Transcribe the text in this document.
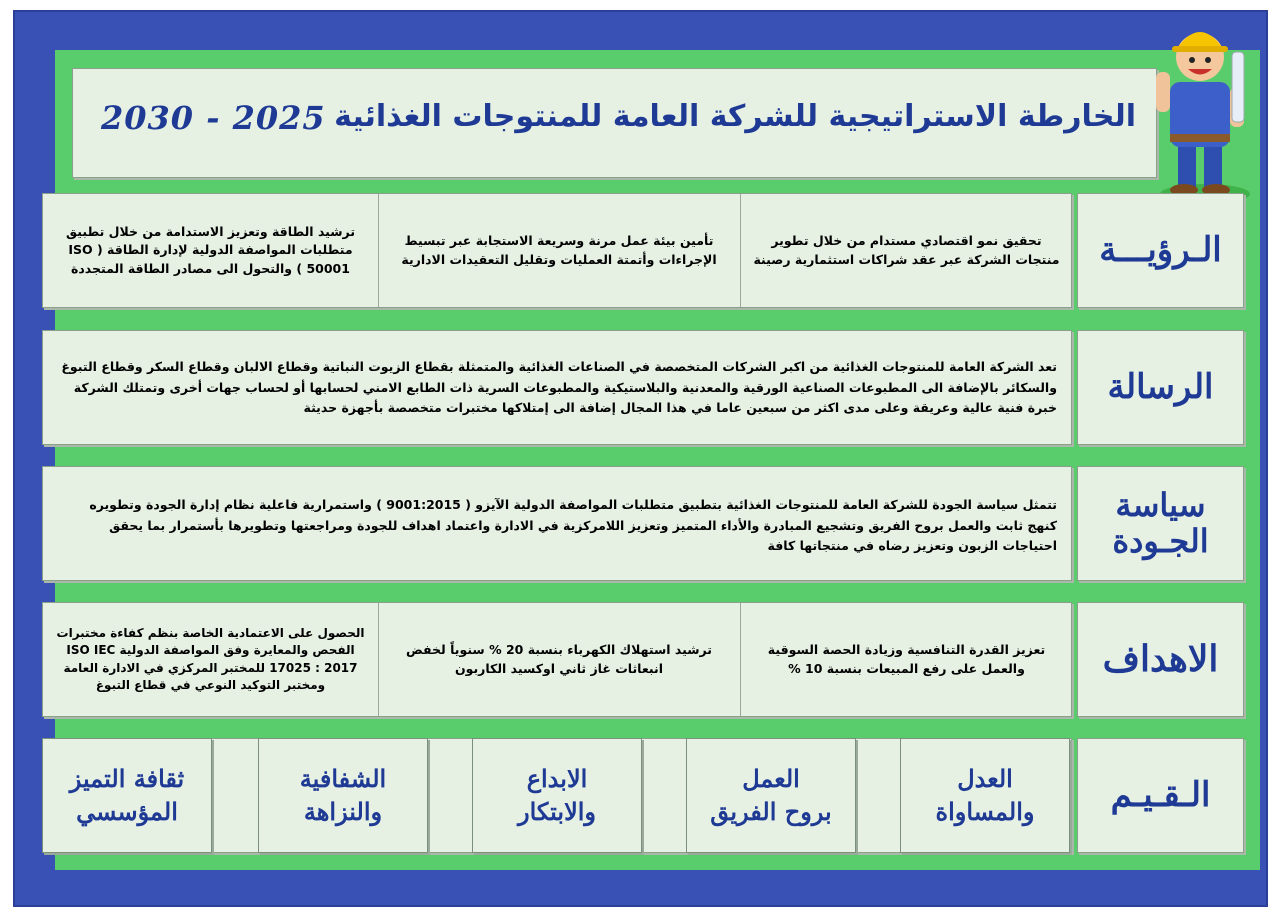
الخارطة الاستراتيجية للشركة العامة للمنتوجات الغذائية
2030 - 2025
الـرؤيـــة
تحقيق نمو اقتصادي مستدام من خلال تطوير منتجات الشركة عبر عقد شراكات استثمارية رصينة
تأمين بيئة عمل مرنة وسريعة الاستجابة عبر تبسيط الإجراءات وأتمتة العمليات وتقليل التعقيدات الادارية
ترشيد الطاقة وتعزيز الاستدامة من خلال تطبيق متطلبات المواصفة الدولية لإدارة الطاقة ( ISO 50001 ) والتحول الى مصادر الطاقة المتجددة
الرسالة
تعد الشركة العامة للمنتوجات الغذائية من اكبر الشركات المتخصصة في الصناعات الغذائية والمتمثلة بقطاع الزيوت النباتية وقطاع الالبان وقطاع السكر وقطاع التبوغ والسكائر بالإضافة الى المطبوعات الصناعية الورقية والمعدنية والبلاستيكية والمطبوعات السرية ذات الطابع الامني لحسابها أو لحساب جهات أخرى وتمتلك الشركة خبرة فنية عالية وعريقة وعلى مدى اكثر من سبعين عاما في هذا المجال إضافة الى إمتلاكها مختبرات متخصصة بأجهزة حديثة
سياسة
الجـودة
تتمثل سياسة الجودة للشركة العامة للمنتوجات الغذائية بتطبيق متطلبات المواصفة الدولية الآيزو ( 9001:2015 ) واستمرارية فاعلية نظام إدارة الجودة وتطويره كنهج ثابت والعمل بروح الفريق وتشجيع المبادرة والأداء المتميز وتعزيز اللامركزية في الادارة واعتماد اهداف للجودة ومراجعتها وتطويرها بأستمرار بما يحقق احتياجات الزبون وتعزيز رضاه في منتجاتها كافة
الاهداف
تعزيز القدرة التنافسية وزيادة الحصة السوقية والعمل على رفع المبيعات بنسبة 10 %
ترشيد استهلاك الكهرباء بنسبة 20 % سنوياً لخفض انبعاثات غاز ثاني اوكسيد الكاربون
الحصول على الاعتمادية الخاصة بنظم كفاءة مختبرات الفحص والمعايرة وفق المواصفة الدولية ISO IEC 17025 : 2017 للمختبر المركزي في الادارة العامة ومختبر التوكيد النوعي في قطاع التبوغ
الـقـيـم
العدل
والمساواة
العمل
بروح الفريق
الابداع
والابتكار
الشفافية
والنزاهة
ثقافة التميز
المؤسسي
